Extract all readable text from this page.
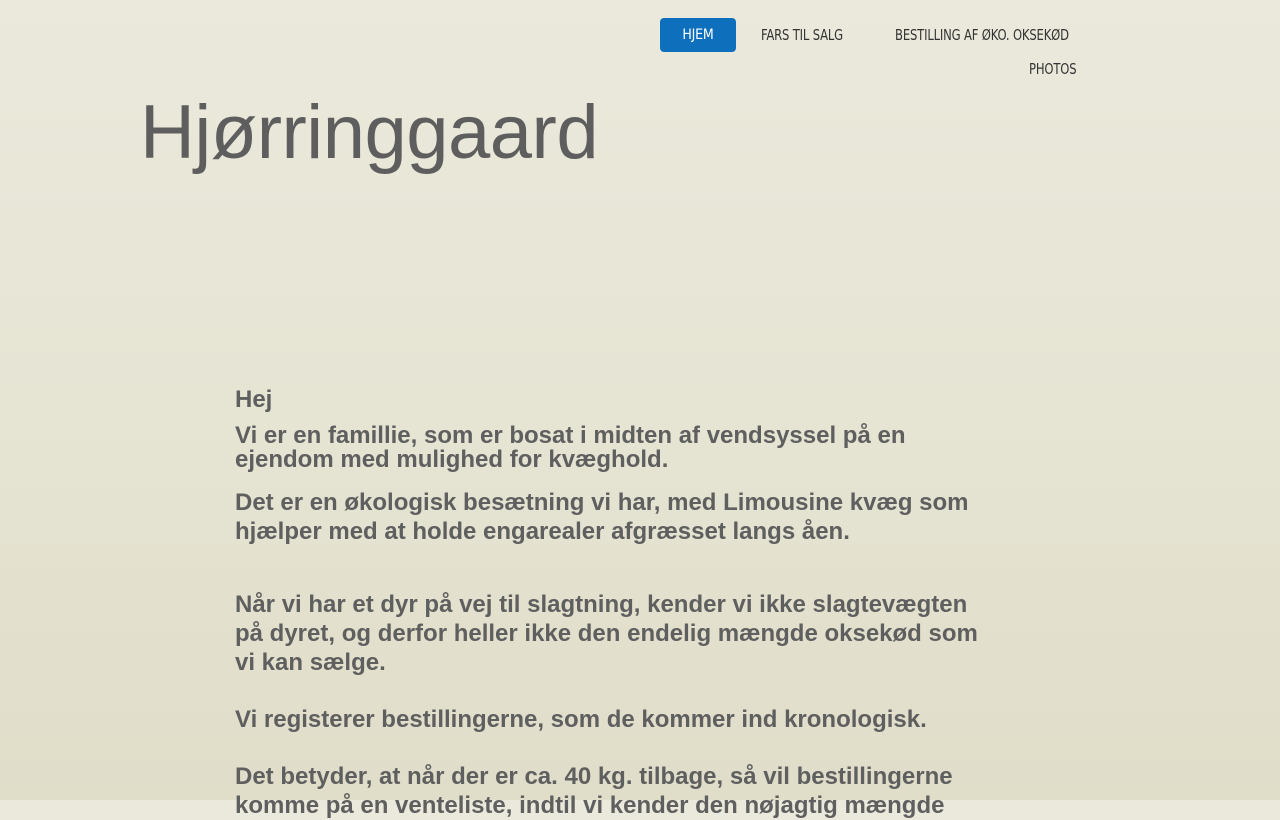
HJEM	FARS TIL SALG	BESTILLING AF ØKO. OKSEKØD
PHOTOS
Hjørringgaard
Hej

Vi er en famillie, som er bosat i midten af vendsyssel på en ejendom med mulighed for kvæghold.

Det er en økologisk besætning vi har, med Limousine kvæg som hjælper med at holde engarealer afgræsset langs åen.

Når vi har et dyr på vej til slagtning, kender vi ikke slagtevægten på dyret, og derfor heller ikke den endelig mængde oksekød som vi kan sælge.

Vi registerer bestillingerne, som de kommer ind kronologisk.

Det betyder, at når der er ca. 40 kg. tilbage, så vil bestillingerne komme på en venteliste, indtil vi kender den nøjagtig mængde
